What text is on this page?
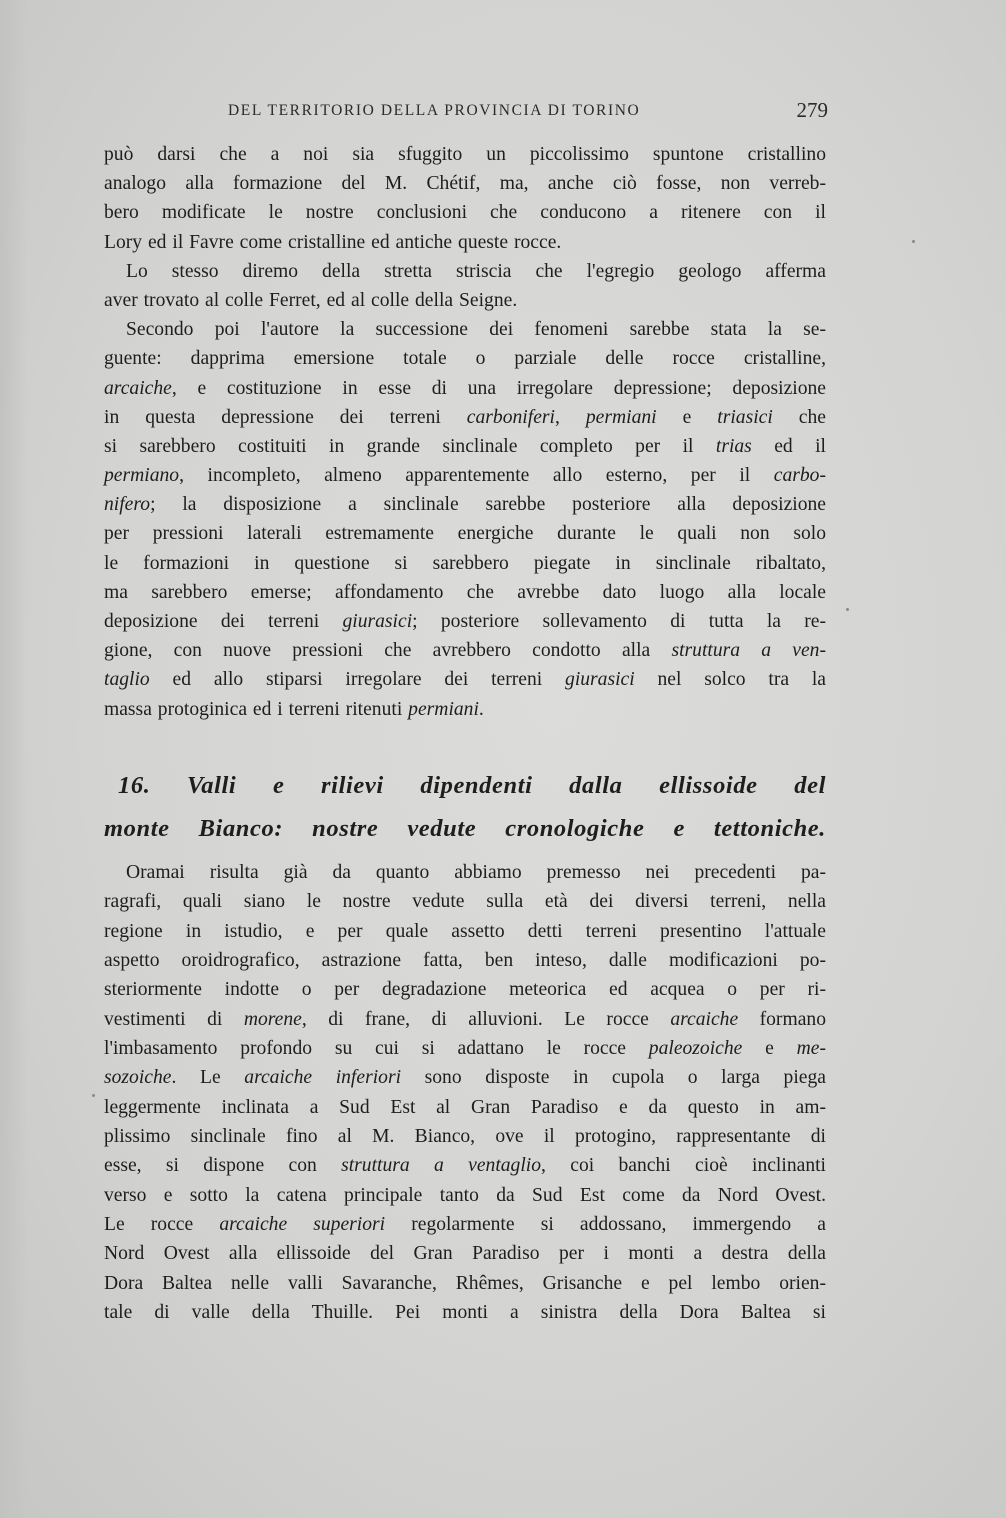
DEL TERRITORIO DELLA PROVINCIA DI TORINO	279
può darsi che a noi sia sfuggito un piccolissimo spuntone cristallino
analogo alla formazione del M. Chétif, ma, anche ciò fosse, non verreb-
bero modificate le nostre conclusioni che conducono a ritenere con il
Lory ed il Favre come cristalline ed antiche queste rocce.
Lo stesso diremo della stretta striscia che l'egregio geologo afferma
aver trovato al colle Ferret, ed al colle della Seigne.
Secondo poi l'autore la successione dei fenomeni sarebbe stata la se-
guente: dapprima emersione totale o parziale delle rocce cristalline,
arcaiche, e costituzione in esse di una irregolare depressione; deposizione
in questa depressione dei terreni carboniferi, permiani e triasici che
si sarebbero costituiti in grande sinclinale completo per il trias ed il
permiano, incompleto, almeno apparentemente allo esterno, per il carbo-
nifero; la disposizione a sinclinale sarebbe posteriore alla deposizione
per pressioni laterali estremamente energiche durante le quali non solo
le formazioni in questione si sarebbero piegate in sinclinale ribaltato,
ma sarebbero emerse; affondamento che avrebbe dato luogo alla locale
deposizione dei terreni giurasici; posteriore sollevamento di tutta la re-
gione, con nuove pressioni che avrebbero condotto alla struttura a ven-
taglio ed allo stiparsi irregolare dei terreni giurasici nel solco tra la
massa protoginica ed i terreni ritenuti permiani.
16. Valli e rilievi dipendenti dalla ellissoide del
monte Bianco: nostre vedute cronologiche e tettoniche.
Oramai risulta già da quanto abbiamo premesso nei precedenti pa-
ragrafi, quali siano le nostre vedute sulla età dei diversi terreni, nella
regione in istudio, e per quale assetto detti terreni presentino l'attuale
aspetto oroidrografico, astrazione fatta, ben inteso, dalle modificazioni po-
steriormente indotte o per degradazione meteorica ed acquea o per ri-
vestimenti di morene, di frane, di alluvioni. Le rocce arcaiche formano
l'imbasamento profondo su cui si adattano le rocce paleozoiche e me-
sozoiche. Le arcaiche inferiori sono disposte in cupola o larga piega
leggermente inclinata a Sud Est al Gran Paradiso e da questo in am-
plissimo sinclinale fino al M. Bianco, ove il protogino, rappresentante di
esse, si dispone con struttura a ventaglio, coi banchi cioè inclinanti
verso e sotto la catena principale tanto da Sud Est come da Nord Ovest.
Le rocce arcaiche superiori regolarmente si addossano, immergendo a
Nord Ovest alla ellissoide del Gran Paradiso per i monti a destra della
Dora Baltea nelle valli Savaranche, Rhêmes, Grisanche e pel lembo orien-
tale di valle della Thuille. Pei monti a sinistra della Dora Baltea si
